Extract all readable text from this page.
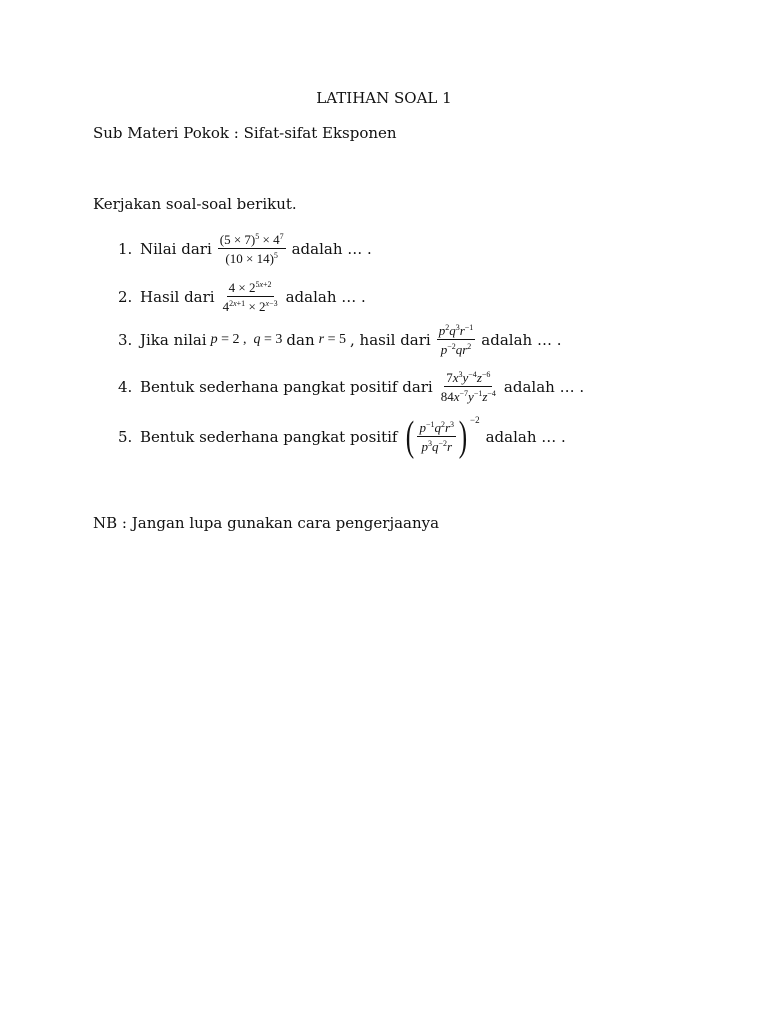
LATIHAN SOAL 1
Sub Materi Pokok : Sifat-sifat Eksponen
Kerjakan soal-soal berikut.
1. Nilai dari $\frac{(5 \times 7)^5 \times 4^7}{(10 \times 14)^5}$ adalah … .
2. Hasil dari $\frac{4 \times 2^{5x+2}}{4^{2x+1} \times 2^{x-3}}$ adalah … .
3. Jika nilai p = 2 ,  q = 3 dan r = 5 , hasil dari $\frac{p^2q^3r^{-1}}{p^{-2}qr^2}$ adalah … .
4. Bentuk sederhana pangkat positif dari $\frac{7x^3y^{-4}z^{-6}}{84x^{-7}y^{-1}z^{-4}}$ adalah … .
5. Bentuk sederhana pangkat positif ( $\frac{p^{-1}q^2r^3}{p^3q^{-2}r}$ ) −2
adalah … .
NB : Jangan lupa gunakan cara pengerjaanya
